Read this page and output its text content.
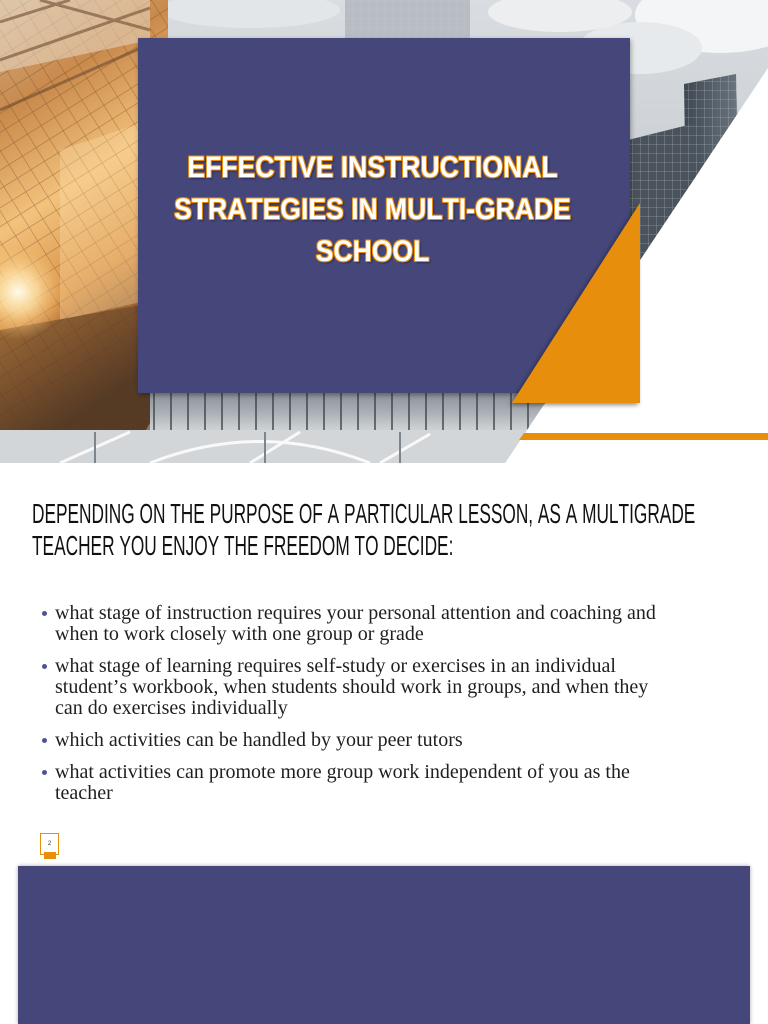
EFFECTIVE INSTRUCTIONAL STRATEGIES IN MULTI-GRADE SCHOOL

DEPENDING ON THE PURPOSE OF A PARTICULAR LESSON, AS A MULTIGRADE TEACHER YOU ENJOY THE FREEDOM TO DECIDE:

what stage of instruction requires your personal attention and coaching and when to work closely with one group or grade
what stage of learning requires self-study or exercises in an individual student’s workbook, when students should work in groups, and when they can do exercises individually
which activities can be handled by your peer tutors
what activities can promote more group work independent of you as the teacher
2
